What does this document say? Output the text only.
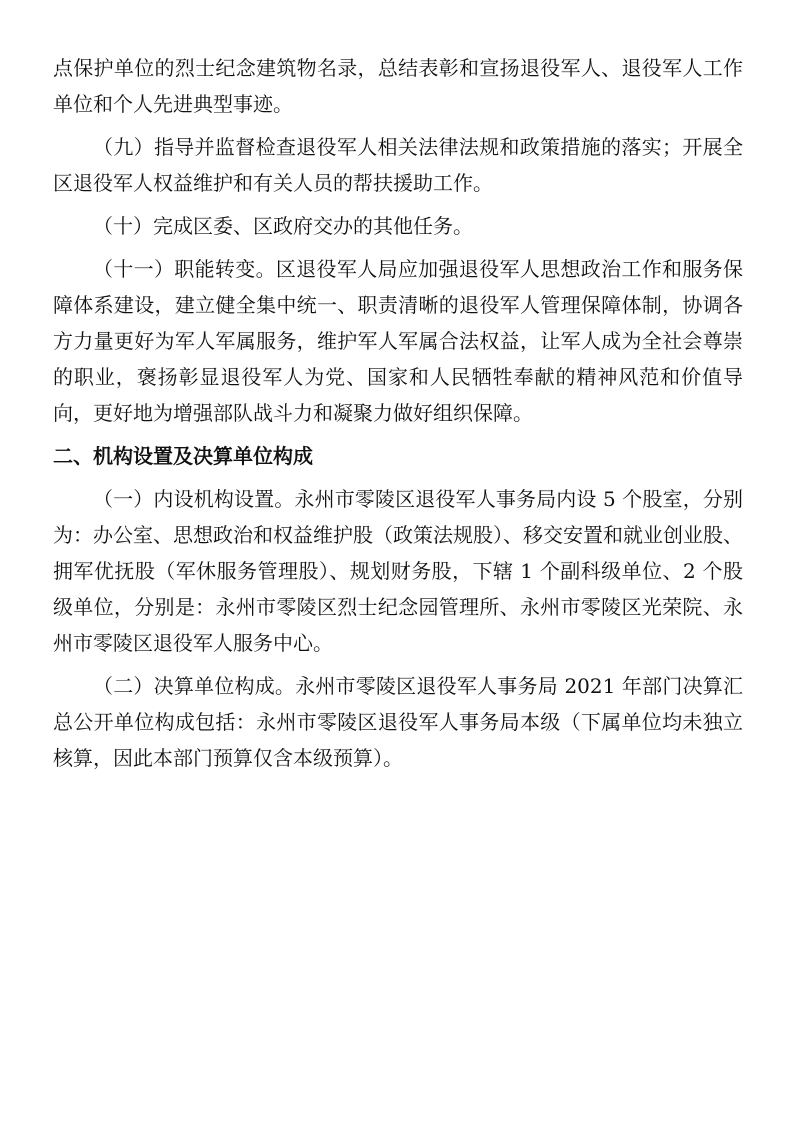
点保护单位的烈士纪念建筑物名录，总结表彰和宣扬退役军人、退役军人工作单位和个人先进典型事迹。

（九）指导并监督检查退役军人相关法律法规和政策措施的落实；开展全区退役军人权益维护和有关人员的帮扶援助工作。

（十）完成区委、区政府交办的其他任务。

（十一）职能转变。区退役军人局应加强退役军人思想政治工作和服务保障体系建设，建立健全集中统一、职责清晰的退役军人管理保障体制，协调各方力量更好为军人军属服务，维护军人军属合法权益，让军人成为全社会尊崇的职业，褒扬彰显退役军人为党、国家和人民牺牲奉献的精神风范和价值导向，更好地为增强部队战斗力和凝聚力做好组织保障。

二、机构设置及决算单位构成

（一）内设机构设置。永州市零陵区退役军人事务局内设 5 个股室，分别为：办公室、思想政治和权益维护股（政策法规股）、移交安置和就业创业股、拥军优抚股（军休服务管理股）、规划财务股，下辖 1 个副科级单位、2 个股级单位，分别是：永州市零陵区烈士纪念园管理所、永州市零陵区光荣院、永州市零陵区退役军人服务中心。

（二）决算单位构成。永州市零陵区退役军人事务局 2021 年部门决算汇总公开单位构成包括：永州市零陵区退役军人事务局本级（下属单位均未独立核算，因此本部门预算仅含本级预算）。
